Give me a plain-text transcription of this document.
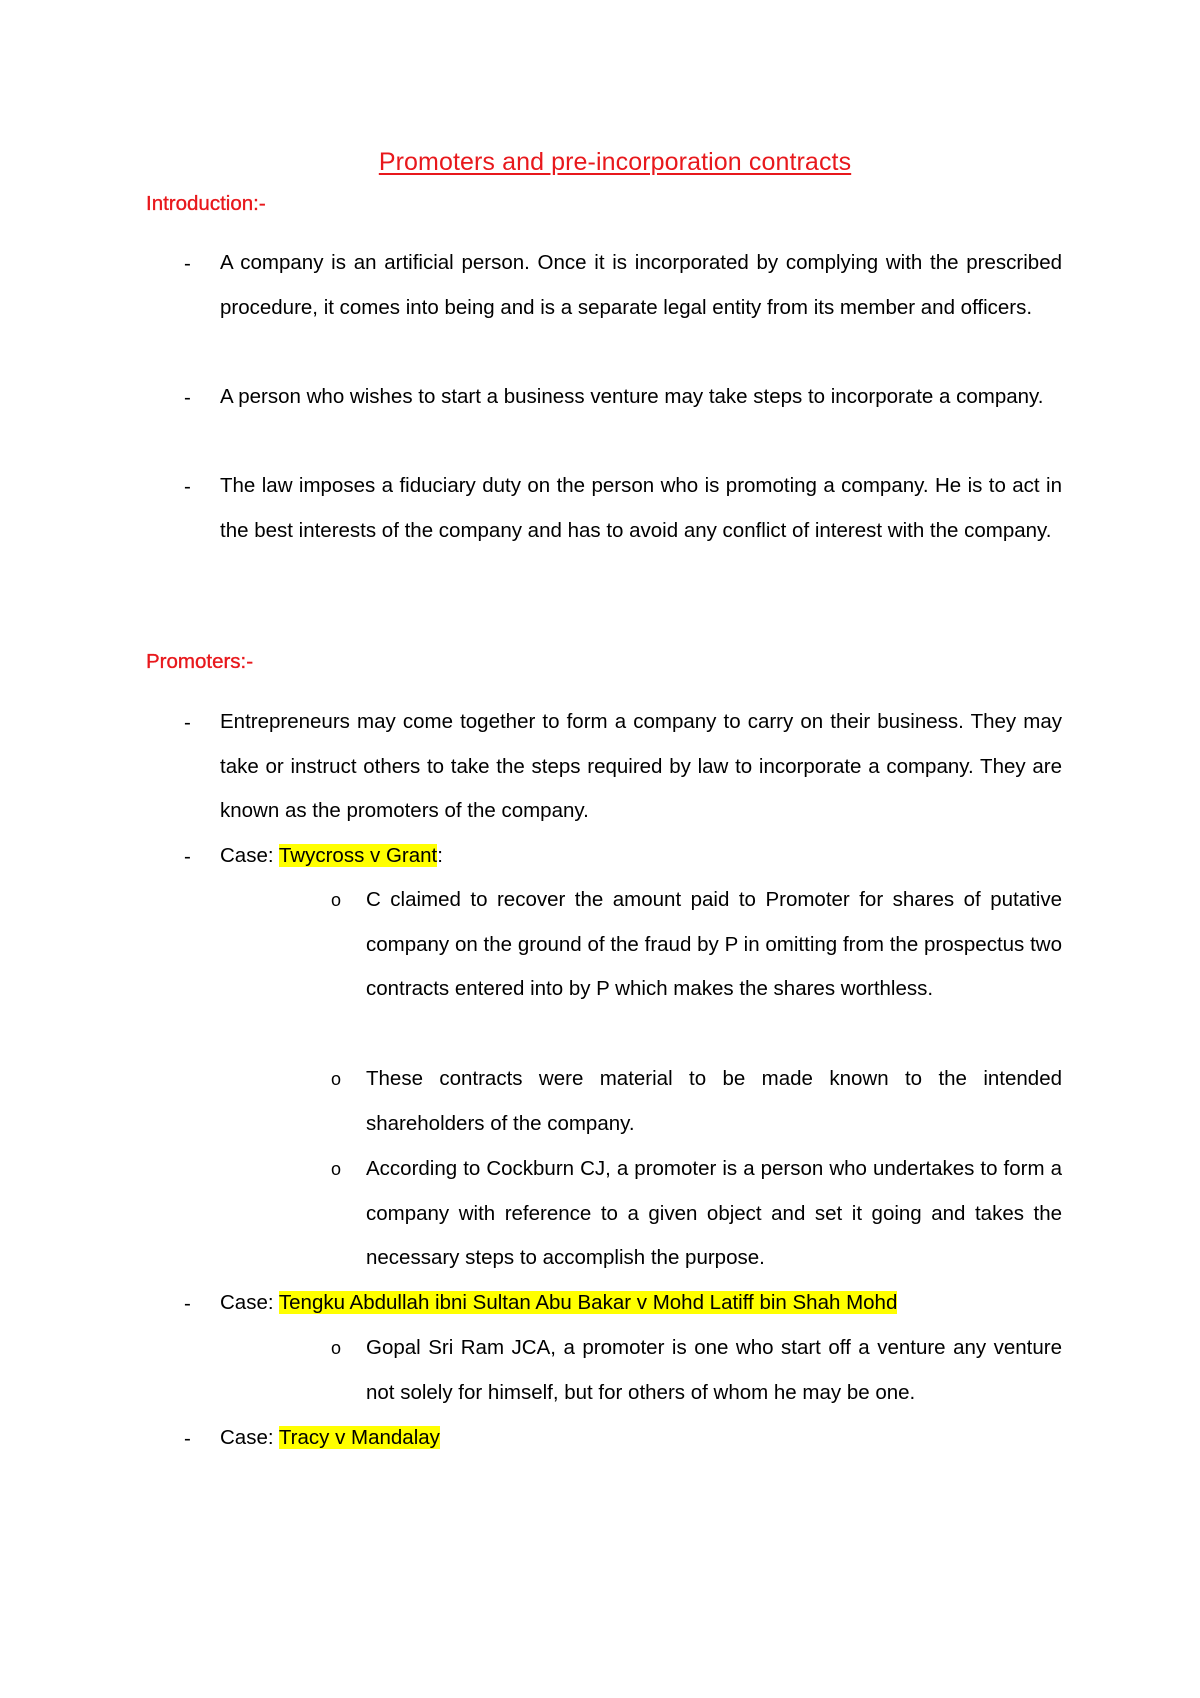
Promoters and pre-incorporation contracts
Introduction:-
- A company is an artificial person. Once it is incorporated by complying with the prescribed procedure, it comes into being and is a separate legal entity from its member and officers.
- A person who wishes to start a business venture may take steps to incorporate a company.
- The law imposes a fiduciary duty on the person who is promoting a company. He is to act in the best interests of the company and has to avoid any conflict of interest with the company.
Promoters:-
- Entrepreneurs may come together to form a company to carry on their business. They may take or instruct others to take the steps required by law to incorporate a company. They are known as the promoters of the company.
- Case: Twycross v Grant:
o C claimed to recover the amount paid to Promoter for shares of putative company on the ground of the fraud by P in omitting from the prospectus two contracts entered into by P which makes the shares worthless.
o These contracts were material to be made known to the intended shareholders of the company.
o According to Cockburn CJ, a promoter is a person who undertakes to form a company with reference to a given object and set it going and takes the necessary steps to accomplish the purpose.
- Case: Tengku Abdullah ibni Sultan Abu Bakar v Mohd Latiff bin Shah Mohd
o Gopal Sri Ram JCA, a promoter is one who start off a venture any venture not solely for himself, but for others of whom he may be one.
- Case: Tracy v Mandalay
